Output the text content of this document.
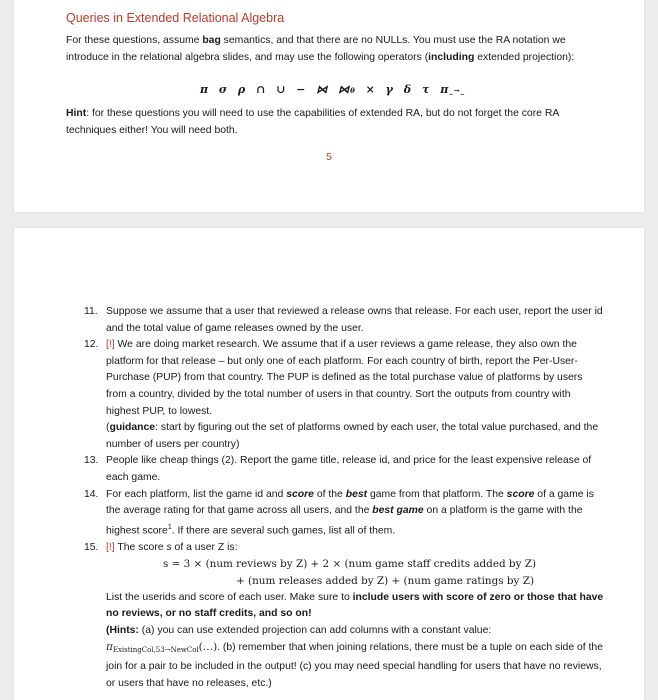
Queries in Extended Relational Algebra
For these questions, assume bag semantics, and that there are no NULLs. You must use the RA notation we introduce in the relational algebra slides, and may use the following operators (including extended projection):
π σ ρ ∩ ∪ − ⋈ ⋈θ × γ δ τ π_→_
Hint: for these questions you will need to use the capabilities of extended RA, but do not forget the core RA techniques either! You will need both.
5
11. Suppose we assume that a user that reviewed a release owns that release. For each user, report the user id and the total value of game releases owned by the user.
12. [!] We are doing market research. We assume that if a user reviews a game release, they also own the platform for that release – but only one of each platform. For each country of birth, report the Per-User-Purchase (PUP) from that country. The PUP is defined as the total purchase value of platforms by users from a country, divided by the total number of users in that country. Sort the outputs from country with highest PUP, to lowest.
(guidance: start by figuring out the set of platforms owned by each user, the total value purchased, and the number of users per country)
13. People like cheap things (2). Report the game title, release id, and price for the least expensive release of each game.
14. For each platform, list the game id and score of the best game from that platform. The score of a game is the average rating for that game across all users, and the best game on a platform is the game with the highest score$^1$. If there are several such games, list all of them.
15. [!] The score s of a user Z is:
s = 3 × (num reviews by Z) + 2 × (num game staff credits added by Z)
+ (num releases added by Z) + (num game ratings by Z)
List the userids and score of each user. Make sure to include users with score of zero or those that have no reviews, or no staff credits, and so on!
(Hints: (a) you can use extended projection can add columns with a constant value: $\pi_{ExistingCol,53\to NewCol}(\dots)$. (b) remember that when joining relations, there must be a tuple on each side of the join for a pair to be included in the output! (c) you may need special handling for users that have no reviews, or users that have no releases, etc.)
